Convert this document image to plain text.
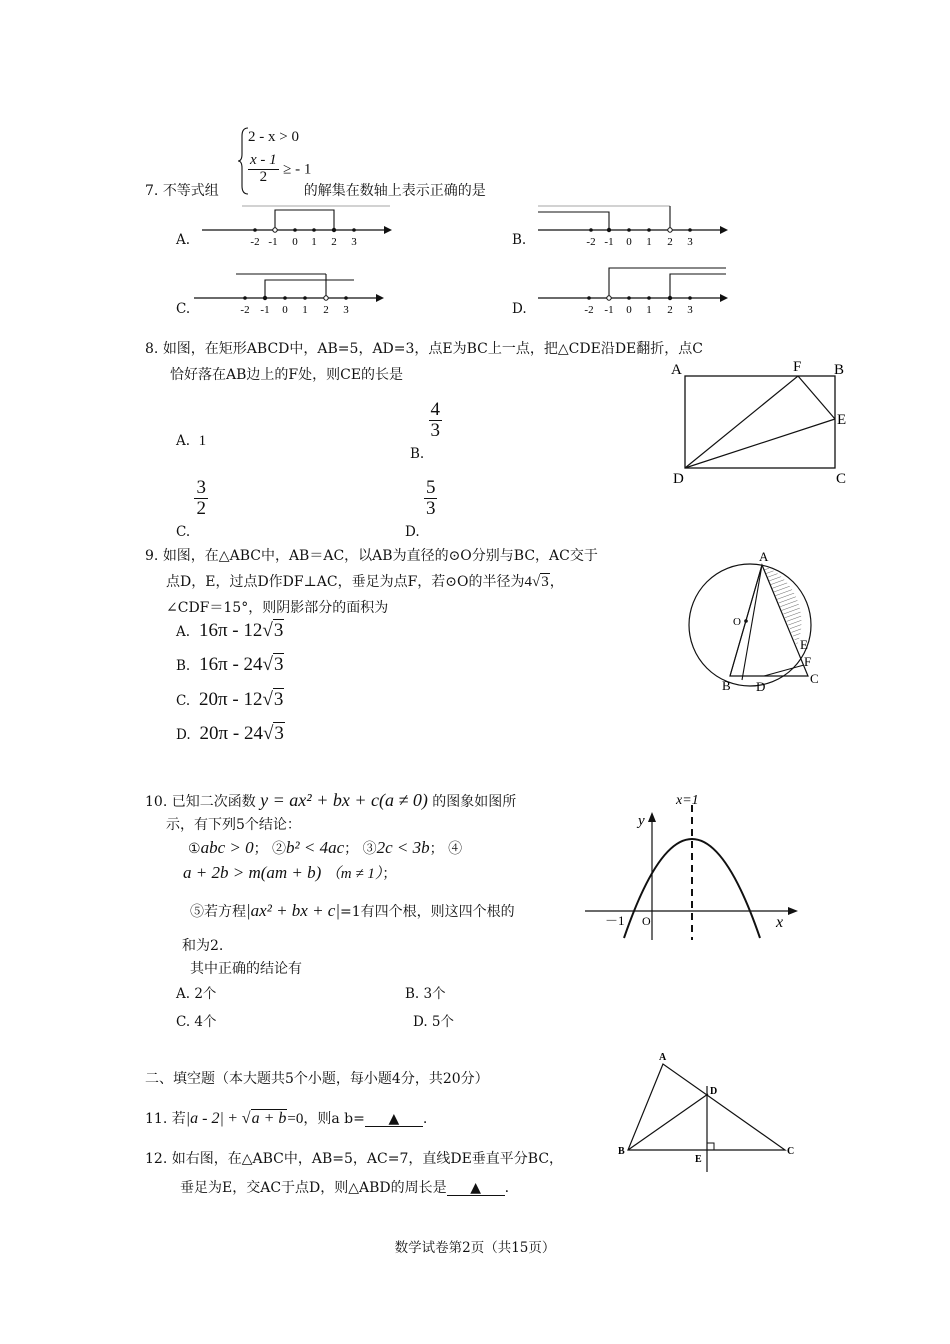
2 - x > 0
$\frac{x - 1}{2}$ ≥ - 1
7. 不等式组	的解集在数轴上表示正确的是
A.	B.
C.	D.
-2 -1 0 1 2 3	-2 -1 0 1 2 3
-2 -1 0 1 2 3	-2 -1 0 1 2 3
8. 如图，在矩形ABCD中，AB=5，AD=3，点E为BC上一点，把△CDE沿DE翻折，点C
恰好落在AB边上的F处，则CE的长是
A. 1
B.
$\frac{4}{3}$
C.
$\frac{3}{2}$
D.
$\frac{5}{3}$
A	F B
E
D	C
9. 如图，在△ABC中，AB＝AC，以AB为直径的⊙O分别与BC，AC交于
点D，E，过点D作DF⊥AC，垂足为点F，若⊙O的半径为4√3，
∠CDF＝15°，则阴影部分的面积为
A. 16π - 12√3
B. 16π - 24√3
C. 20π - 12√3
D. 20π - 24√3
A
O
B D
C
E
F
10. 已知二次函数 y = ax² + bx + c(a ≠ 0) 的图象如图所
示，有下列5个结论：
①abc > 0； ②b² < 4ac； ③2c < 3b； ④
a + 2b > m(am + b) （m ≠ 1）；
⑤若方程|ax² + bx + c|=1有四个根，则这四个根的
和为2.
其中正确的结论有
A. 2个	B. 3个
C. 4个	D. 5个
x=1
y
x
－1 O
二、填空题（本大题共5个小题，每小题4分，共20分）
11. 若|a - 2| + √a + b=0，则a b= ▲ .
12. 如右图，在△ABC中，AB=5，AC=7，直线DE垂直平分BC，
垂足为E，交AC于点D，则△ABD的周长是 ▲ .
A
D
B
E
C
数学试卷第2页（共15页）
